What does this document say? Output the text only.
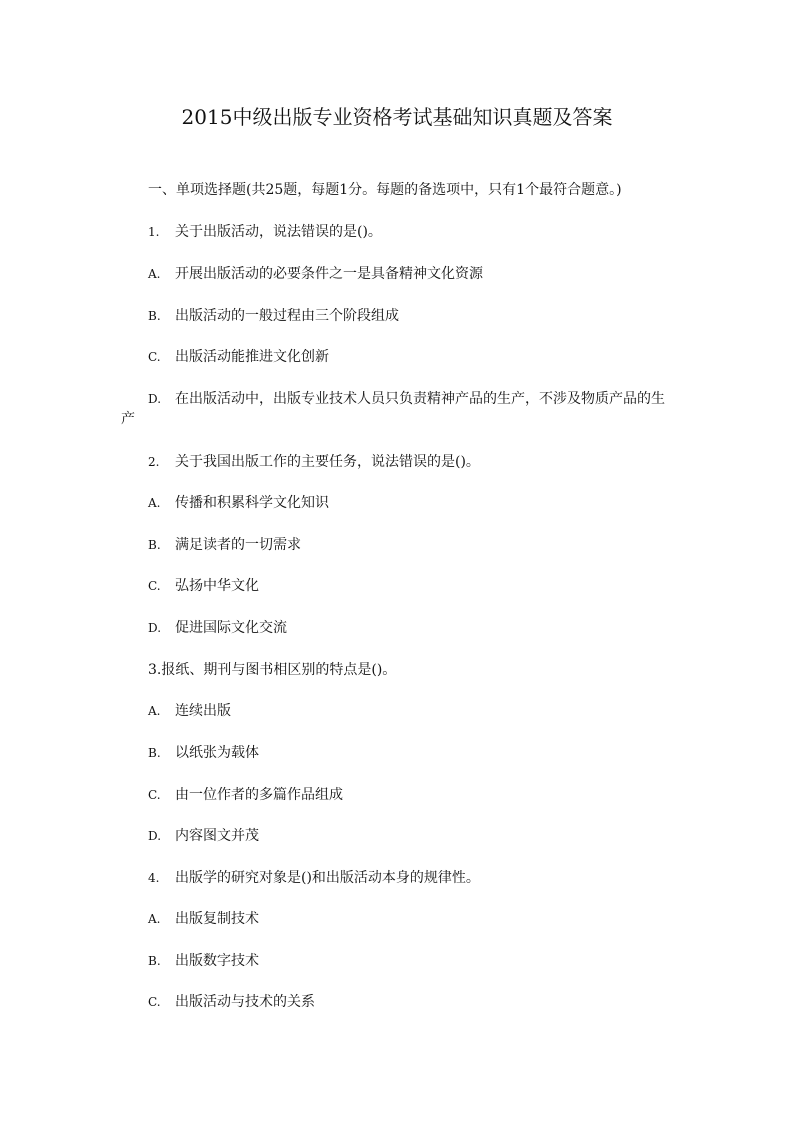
2015中级出版专业资格考试基础知识真题及答案

一、单项选择题(共25题，每题1分。每题的备选项中，只有1个最符合题意。)

1. 关于出版活动，说法错误的是()。

A. 开展出版活动的必要条件之一是具备精神文化资源

B. 出版活动的一般过程由三个阶段组成

C. 出版活动能推进文化创新

D. 在出版活动中，出版专业技术人员只负责精神产品的生产，不涉及物质产品的生

产

2. 关于我国出版工作的主要任务，说法错误的是()。

A. 传播和积累科学文化知识

B. 满足读者的一切需求

C. 弘扬中华文化

D. 促进国际文化交流

3.报纸、期刊与图书相区别的特点是()。

A. 连续出版

B. 以纸张为载体

C. 由一位作者的多篇作品组成

D. 内容图文并茂

4. 出版学的研究对象是()和出版活动本身的规律性。

A. 出版复制技术

B. 出版数字技术

C. 出版活动与技术的关系
